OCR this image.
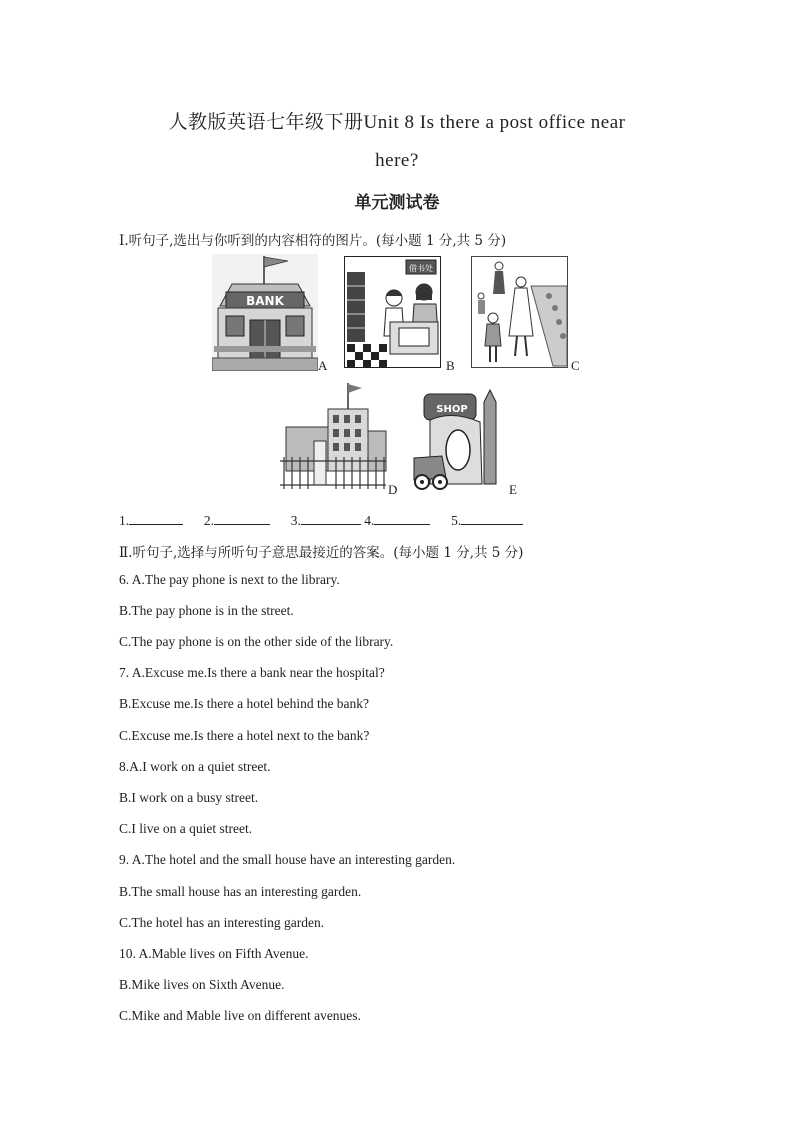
人教版英语七年级下册Unit 8 Is there a post office near
here?
单元测试卷
Ⅰ.听句子,选出与你听到的内容相符的图片。(每小题 1 分,共 5 分)
BANK
A
借书处
B	C
D
SHOP
E
1.	2.	3.	4.	5.
Ⅱ.听句子,选择与所听句子意思最接近的答案。(每小题 1 分,共 5 分)
6. A.The pay phone is next to the library.
B.The pay phone is in the street.
C.The pay phone is on the other side of the library.
7. A.Excuse me.Is there a bank near the hospital?
B.Excuse me.Is there a hotel behind the bank?
C.Excuse me.Is there a hotel next to the bank?
8.A.I work on a quiet street.
B.I work on a busy street.
C.I live on a quiet street.
9. A.The hotel and the small house have an interesting garden.
B.The small house has an interesting garden.
C.The hotel has an interesting garden.
10. A.Mable lives on Fifth Avenue.
B.Mike lives on Sixth Avenue.
C.Mike and Mable live on different avenues.
